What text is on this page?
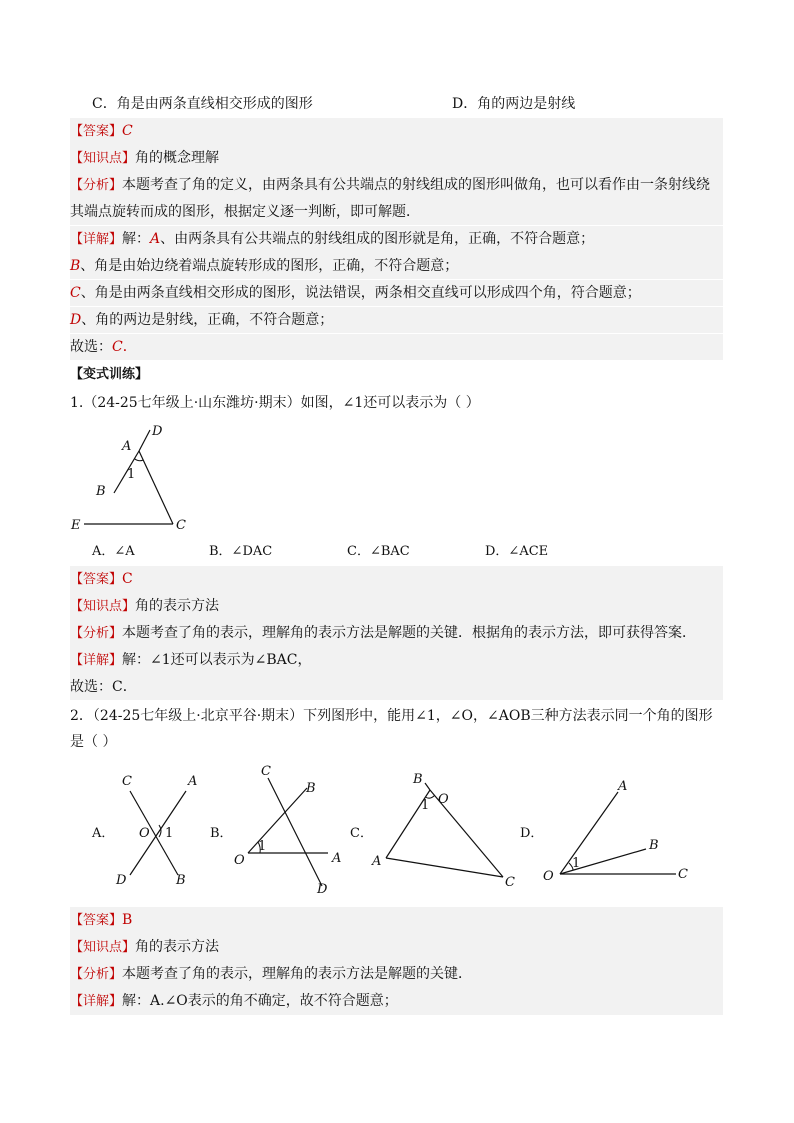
C．角是由两条直线相交形成的图形	D．角的两边是射线
【答案】C
【知识点】角的概念理解
【分析】本题考查了角的定义，由两条具有公共端点的射线组成的图形叫做角，也可以看作由一条射线绕
其端点旋转而成的图形，根据定义逐一判断，即可解题．
【详解】解：A、由两条具有公共端点的射线组成的图形就是角，正确，不符合题意；
B、角是由始边绕着端点旋转形成的图形，正确，不符合题意；
C、角是由两条直线相交形成的图形，说法错误，两条相交直线可以形成四个角，符合题意；
D、角的两边是射线，正确，不符合题意；
故选：C．
【变式训练】
1.（24-25七年级上·山东潍坊·期末）如图，∠1还可以表示为（ ）
A
D
B
1
E	C
A．∠A	B．∠DAC	C．∠BAC	D．∠ACE
【答案】C
【知识点】角的表示方法
【分析】本题考查了角的表示，理解角的表示方法是解题的关键．根据角的表示方法，即可获得答案．
【详解】解：∠1还可以表示为∠BAC，
故选：C．
2．（24-25七年级上·北京平谷·期末）下列图形中，能用∠1，∠O，∠AOB三种方法表示同一个角的图形
是（ ）
A．	B．	C．	D．
C	A
O 1
D	B
C
B
1
O	A
D
B
O
1
A
C
A
B
1
O	C
【答案】B
【知识点】角的表示方法
【分析】本题考查了角的表示，理解角的表示方法是解题的关键．
【详解】解：A.∠O表示的角不确定，故不符合题意；
